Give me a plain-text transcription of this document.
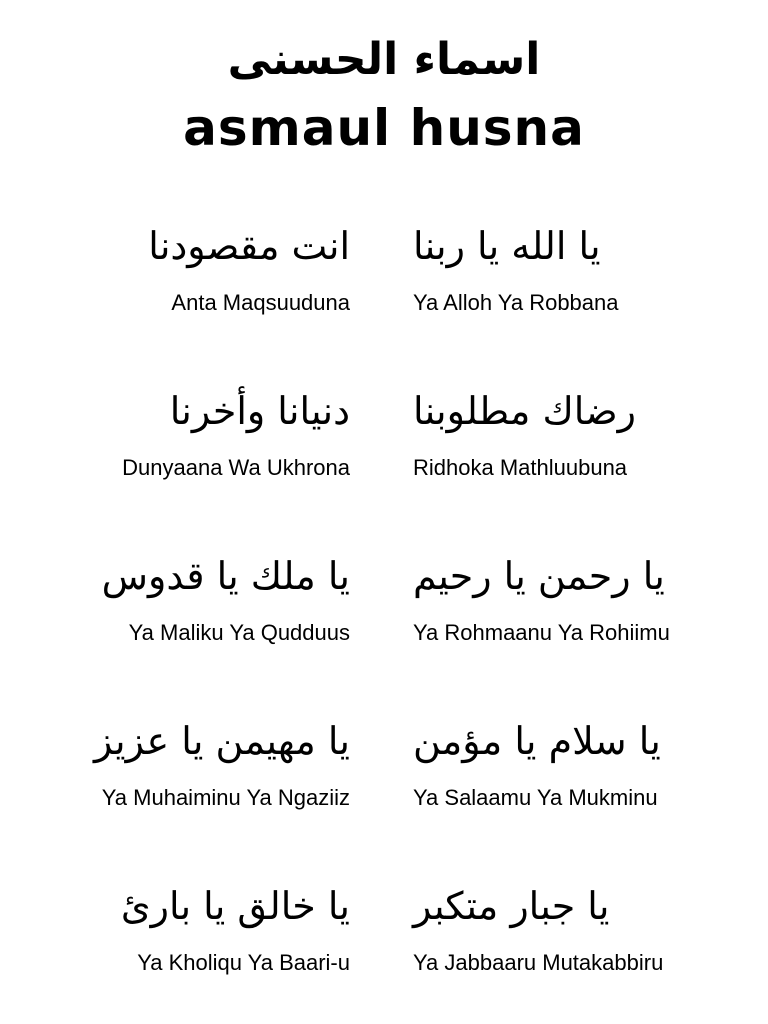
اسماء الحسنى
asmaul husna
يا الله يا ربنا
Ya Alloh Ya Robbana
انت مقصودنا
Anta Maqsuuduna
رضاك مطلوبنا
Ridhoka Mathluubuna
دنيانا وأخرنا
Dunyaana Wa Ukhrona
يا رحمن يا رحيم
Ya Rohmaanu Ya Rohiimu
يا ملك يا قدوس
Ya Maliku Ya Qudduus
يا سلام يا مؤمن
Ya Salaamu Ya Mukminu
يا مهيمن يا عزيز
Ya Muhaiminu Ya Ngaziiz
يا جبار متكبر
Ya Jabbaaru Mutakabbiru
يا خالق يا بارئ
Ya Kholiqu Ya Baari-u
